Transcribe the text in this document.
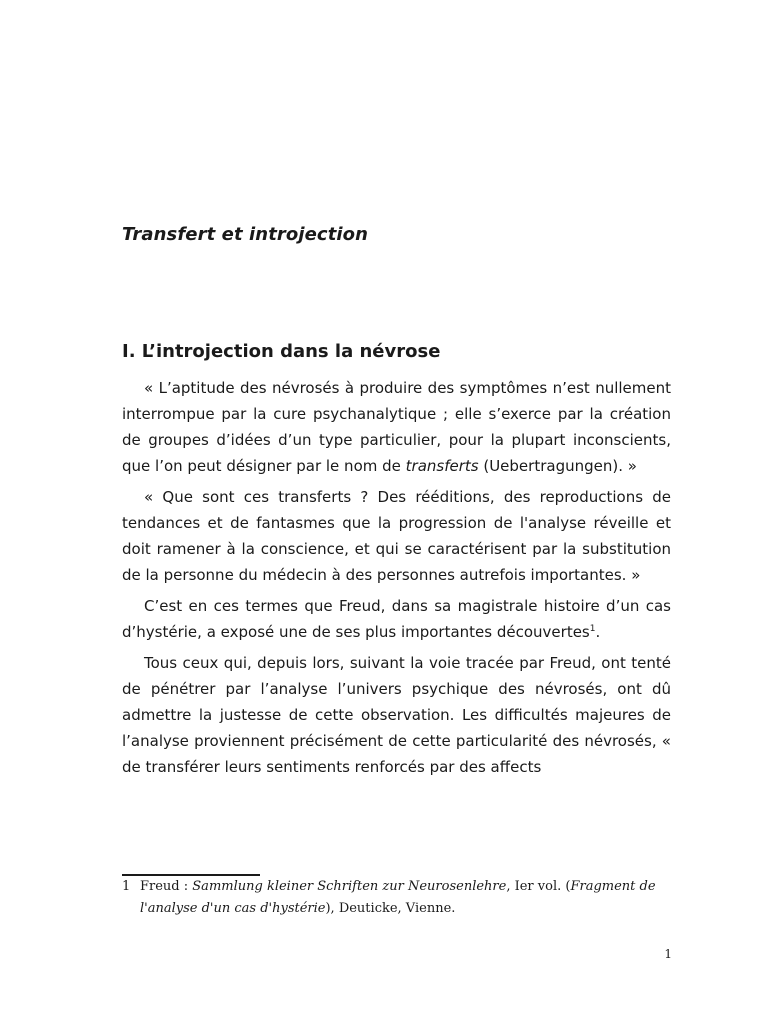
Transfert et introjection
I. L’introjection dans la névrose

« L’aptitude des névrosés à produire des symptômes n’est nullement interrompue par la cure psychanalytique ; elle s’exerce par la création de groupes d’idées d’un type particulier, pour la plupart inconscients, que l’on peut désigner par le nom de transferts (Uebertragungen). »

« Que sont ces transferts ? Des rééditions, des reproductions de tendances et de fantasmes que la progression de l'analyse réveille et doit ramener à la conscience, et qui se caractérisent par la substitution de la personne du médecin à des personnes autrefois importantes. »

C’est en ces termes que Freud, dans sa magistrale histoire d’un cas d’hystérie, a exposé une de ses plus importantes découvertes$^1$.

Tous ceux qui, depuis lors, suivant la voie tracée par Freud, ont tenté de pénétrer par l’analyse l’univers psychique des névrosés, ont dû admettre la justesse de cette observation. Les difficultés majeures de l’analyse proviennent précisément de cette particularité des névrosés, « de transférer leurs sentiments renforcés par des affects

1 Freud : Sammlung kleiner Schriften zur Neurosenlehre, Ier vol. (Fragment de l'analyse d'un cas d'hystérie), Deuticke, Vienne.
1
